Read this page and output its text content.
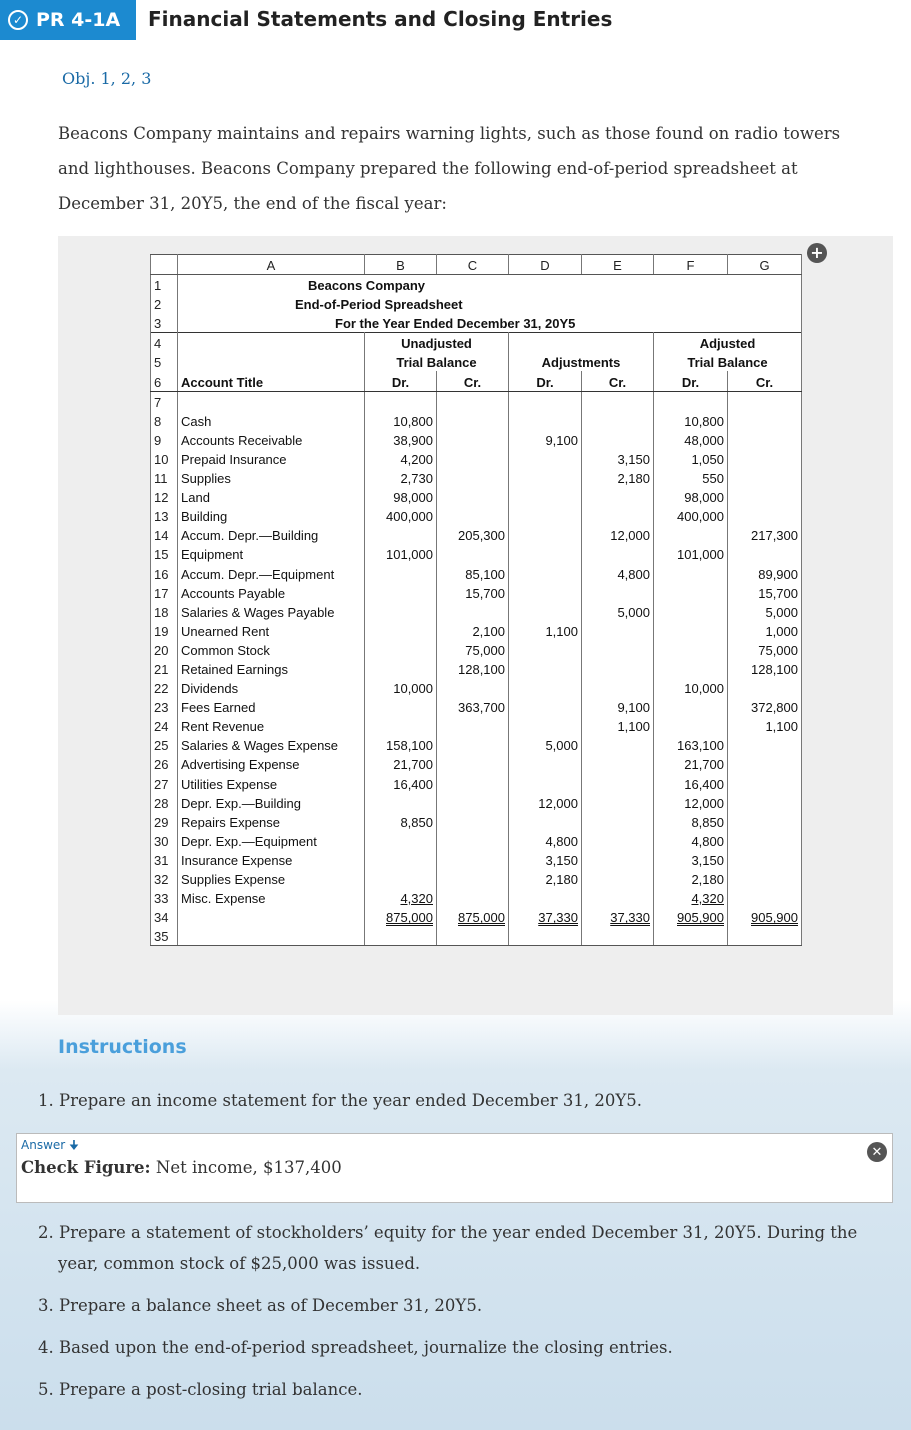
✓ PR 4-1A Financial Statements and Closing Entries
Obj. 1, 2, 3
Beacons Company maintains and repairs warning lights, such as those found on radio towers and lighthouses. Beacons Company prepared the following end-of-period spreadsheet at December 31, 20Y5, the end of the fiscal year:
+
	A	B	C	D	E	F	G
1	Beacons Company						
2	End-of-Period Spreadsheet						
3	For the Year Ended December 31, 20Y5						
4		Unadjusted				Adjusted	
5		Trial Balance		Adjustments		Trial Balance	
6	Account Title	Dr.	Cr.	Dr.	Cr.	Dr.	Cr.
7							
8	Cash	10,800				10,800	
9	Accounts Receivable	38,900		9,100		48,000	
10	Prepaid Insurance	4,200			3,150	1,050	
11	Supplies	2,730			2,180	550	
12	Land	98,000				98,000	
13	Building	400,000				400,000	
14	Accum. Depr.—Building		205,300		12,000		217,300
15	Equipment	101,000				101,000	
16	Accum. Depr.—Equipment		85,100		4,800		89,900
17	Accounts Payable		15,700				15,700
18	Salaries & Wages Payable				5,000		5,000
19	Unearned Rent		2,100	1,100			1,000
20	Common Stock		75,000				75,000
21	Retained Earnings		128,100				128,100
22	Dividends	10,000				10,000	
23	Fees Earned		363,700		9,100		372,800
24	Rent Revenue				1,100		1,100
25	Salaries & Wages Expense	158,100		5,000		163,100	
26	Advertising Expense	21,700				21,700	
27	Utilities Expense	16,400				16,400	
28	Depr. Exp.—Building			12,000		12,000	
29	Repairs Expense	8,850				8,850	
30	Depr. Exp.—Equipment			4,800		4,800	
31	Insurance Expense			3,150		3,150	
32	Supplies Expense			2,180		2,180	
33	Misc. Expense	4,320				4,320	
34		875,000	875,000	37,330	37,330	905,900	905,900
35							
Instructions
1. Prepare an income statement for the year ended December 31, 20Y5.
Answer 🠋
Check Figure: Net income, $137,400
✕
2. Prepare a statement of stockholders’ equity for the year ended December 31, 20Y5. During the year, common stock of $25,000 was issued.
3. Prepare a balance sheet as of December 31, 20Y5.
4. Based upon the end-of-period spreadsheet, journalize the closing entries.
5. Prepare a post-closing trial balance.
